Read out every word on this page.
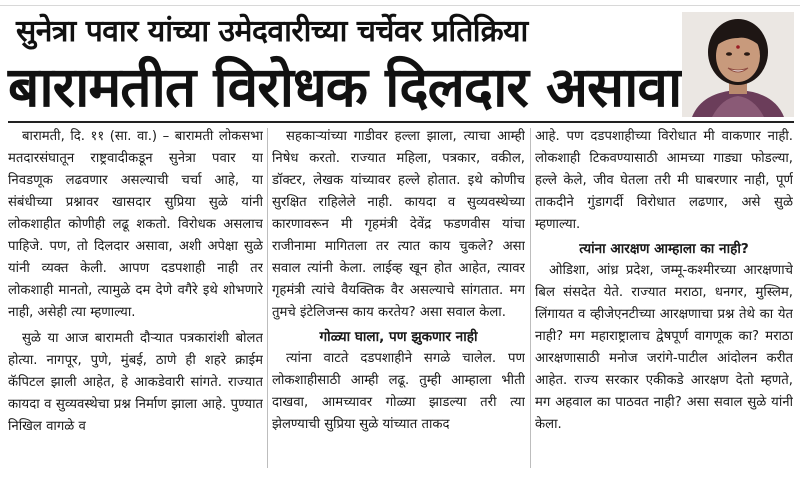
सुनेत्रा पवार यांच्या उमेदवारीच्या चर्चेवर प्रतिक्रिया
बारामतीत विरोधक दिलदार असावा

बारामती, दि. ११ (सा. वा.) – बारामती लोकसभा मतदारसंघातून राष्ट्रवादीकडून सुनेत्रा पवार या निवडणूक लढवणार असल्याची चर्चा आहे, या संबंधीच्या प्रश्नावर खासदार सुप्रिया सुळे यांनी लोकशाहीत कोणीही लढू शकतो. विरोधक असलाच पाहिजे. पण, तो दिलदार असावा, अशी अपेक्षा सुळे यांनी व्यक्त केली. आपण दडपशाही नाही तर लोकशाही मानतो, त्यामुळे दम देणे वगैरे इथे शोभणारे नाही, असेही त्या म्हणाल्या.

सुळे या आज बारामती दौऱ्यात पत्रकारांशी बोलत होत्या. नागपूर, पुणे, मुंबई, ठाणे ही शहरे क्राईम कॅपिटल झाली आहेत, हे आकडेवारी सांगते. राज्यात कायदा व सुव्यवस्थेचा प्रश्न निर्माण झाला आहे. पुण्यात निखिल वागळे व

सहकाऱ्यांच्या गाडीवर हल्ला झाला, त्याचा आम्ही निषेध करतो. राज्यात महिला, पत्रकार, वकील, डॉक्टर, लेखक यांच्यावर हल्ले होतात. इथे कोणीच सुरक्षित राहिलेले नाही. कायदा व सुव्यवस्थेच्या कारणावरून मी गृहमंत्री देवेंद्र फडणवीस यांचा राजीनामा मागितला तर त्यात काय चुकले? असा सवाल त्यांनी केला. लाईव्ह खून होत आहेत, त्यावर गृहमंत्री त्यांचे वैयक्तिक वैर असल्याचे सांगतात. मग तुमचे इंटेलिजन्स काय करतेय? असा सवाल केला.

गोळ्या घाला, पण झुकणार नाही

त्यांना वाटते दडपशाहीने सगळे चालेल. पण लोकशाहीसाठी आम्ही लढू. तुम्ही आम्हाला भीती दाखवा, आमच्यावर गोळ्या झाडल्या तरी त्या झेलण्याची सुप्रिया सुळे यांच्यात ताकद

आहे. पण दडपशाहीच्या विरोधात मी वाकणार नाही. लोकशाही टिकवण्यासाठी आमच्या गाड्या फोडल्या, हल्ले केले, जीव घेतला तरी मी घाबरणार नाही, पूर्ण ताकदीने गुंडागर्दी विरोधात लढणार, असे सुळे म्हणाल्या.

त्यांना आरक्षण आम्हाला का नाही?

ओडिशा, आंध्र प्रदेश, जम्मू-कश्मीरच्या आरक्षणाचे बिल संसदेत येते. राज्यात मराठा, धनगर, मुस्लिम, लिंगायत व व्हीजेएनटीच्या आरक्षणाचा प्रश्न तेथे का येत नाही? मग महाराष्ट्रालाच द्वेषपूर्ण वागणूक का? मराठा आरक्षणासाठी मनोज जरांगे-पाटील आंदोलन करीत आहेत. राज्य सरकार एकीकडे आरक्षण देतो म्हणते, मग अहवाल का पाठवत नाही? असा सवाल सुळे यांनी केला.
